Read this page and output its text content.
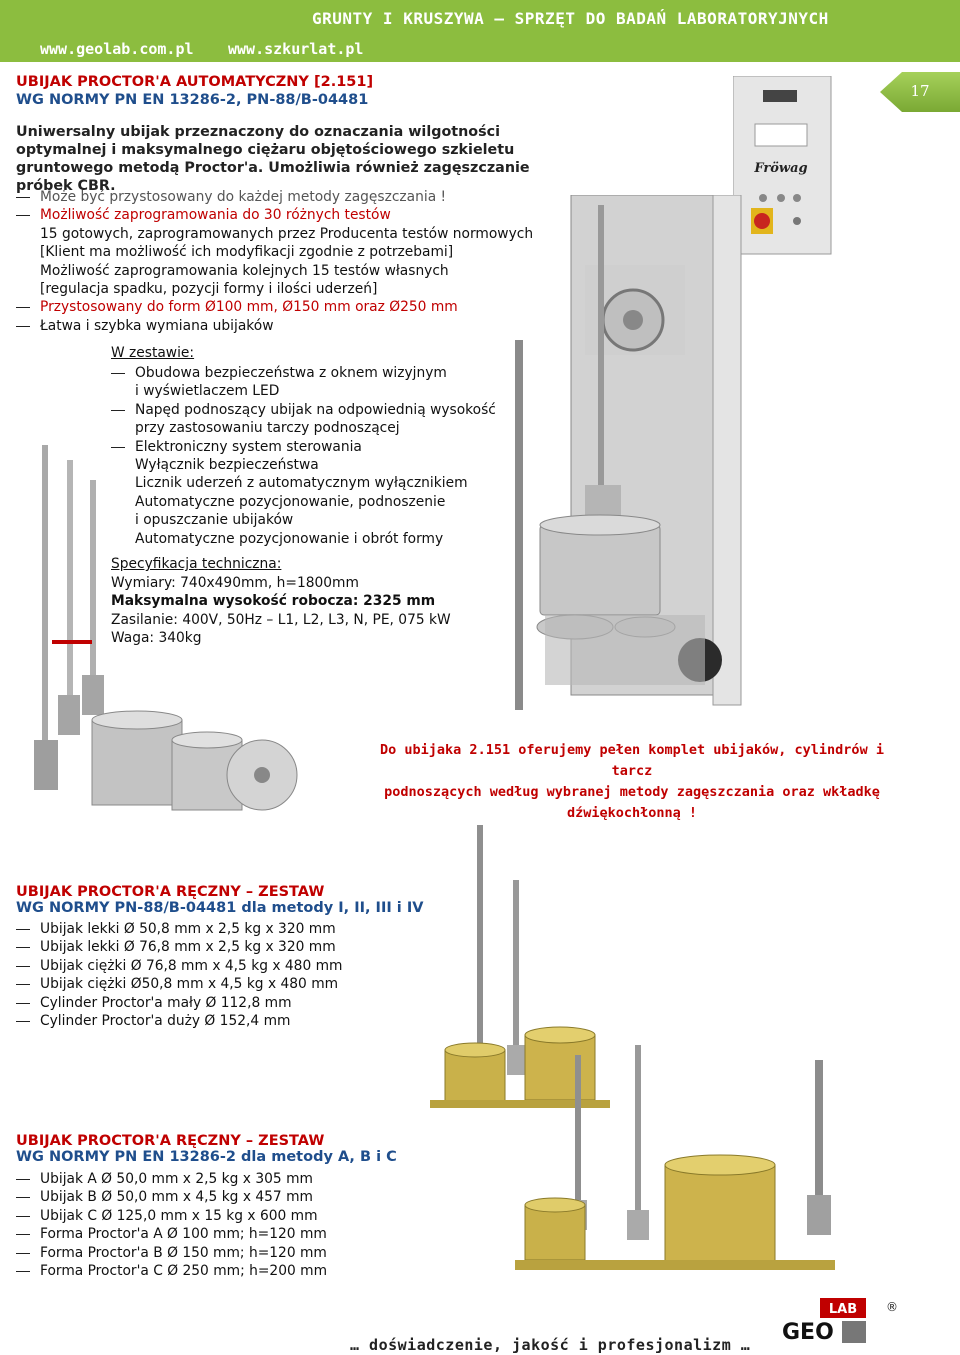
GRUNTY I KRUSZYWA – SPRZĘT DO BADAŃ LABORATORYJNYCH
www.geolab.com.pl www.szkurlat.pl
17
UBIJAK PROCTOR'A AUTOMATYCZNY [2.151]
WG NORMY PN EN 13286-2, PN-88/B-04481
Uniwersalny ubijak przeznaczony do oznaczania wilgotności optymalnej i maksymalnego ciężaru objętościowego szkieletu gruntowego metodą Proctor'a. Umożliwia również zagęszczanie próbek CBR.
Może być przystosowany do każdej metody zagęszczania !
Możliwość zaprogramowania do 30 różnych testów
15 gotowych, zaprogramowanych przez Producenta testów normowych
[Klient ma możliwość ich modyfikacji zgodnie z potrzebami]
Możliwość zaprogramowania kolejnych 15 testów własnych
[regulacja spadku, pozycji formy i ilości uderzeń]
Przystosowany do form Ø100 mm, Ø150 mm oraz Ø250 mm
Łatwa i szybka wymiana ubijaków
W zestawie:
Obudowa bezpieczeństwa z oknem wizyjnym
i wyświetlaczem LED
Napęd podnoszący ubijak na odpowiednią wysokość
przy zastosowaniu tarczy podnoszącej
Elektroniczny system sterowania
Wyłącznik bezpieczeństwa
Licznik uderzeń z automatycznym wyłącznikiem
Automatyczne pozycjonowanie, podnoszenie
i opuszczanie ubijaków
Automatyczne pozycjonowanie i obrót formy
Specyfikacja techniczna:
Wymiary: 740x490mm, h=1800mm
Maksymalna wysokość robocza: 2325 mm
Zasilanie: 400V, 50Hz – L1, L2, L3, N, PE, 075 kW
Waga: 340kg
Fröwag
Do ubijaka 2.151 oferujemy pełen komplet ubijaków, cylindrów i tarcz
podnoszących według wybranej metody zagęszczania oraz wkładkę
dźwiękochłonną !
UBIJAK PROCTOR'A RĘCZNY – ZESTAW
WG NORMY PN-88/B-04481 dla metody I, II, III i IV
Ubijak lekki Ø 50,8 mm x 2,5 kg x 320 mm
Ubijak lekki Ø 76,8 mm x 2,5 kg x 320 mm
Ubijak ciężki Ø 76,8 mm x 4,5 kg x 480 mm
Ubijak ciężki Ø50,8 mm x 4,5 kg x 480 mm
Cylinder Proctor'a mały Ø 112,8 mm
Cylinder Proctor'a duży Ø 152,4 mm
UBIJAK PROCTOR'A RĘCZNY – ZESTAW
WG NORMY PN EN 13286-2 dla metody A, B i C
Ubijak A Ø 50,0 mm x 2,5 kg x 305 mm
Ubijak B Ø 50,0 mm x 4,5 kg x 457 mm
Ubijak C Ø 125,0 mm x 15 kg x 600 mm
Forma Proctor'a A Ø 100 mm; h=120 mm
Forma Proctor'a B Ø 150 mm; h=120 mm
Forma Proctor'a C Ø 250 mm; h=200 mm
… doświadczenie, jakość i profesjonalizm …
LAB
GEO
®
